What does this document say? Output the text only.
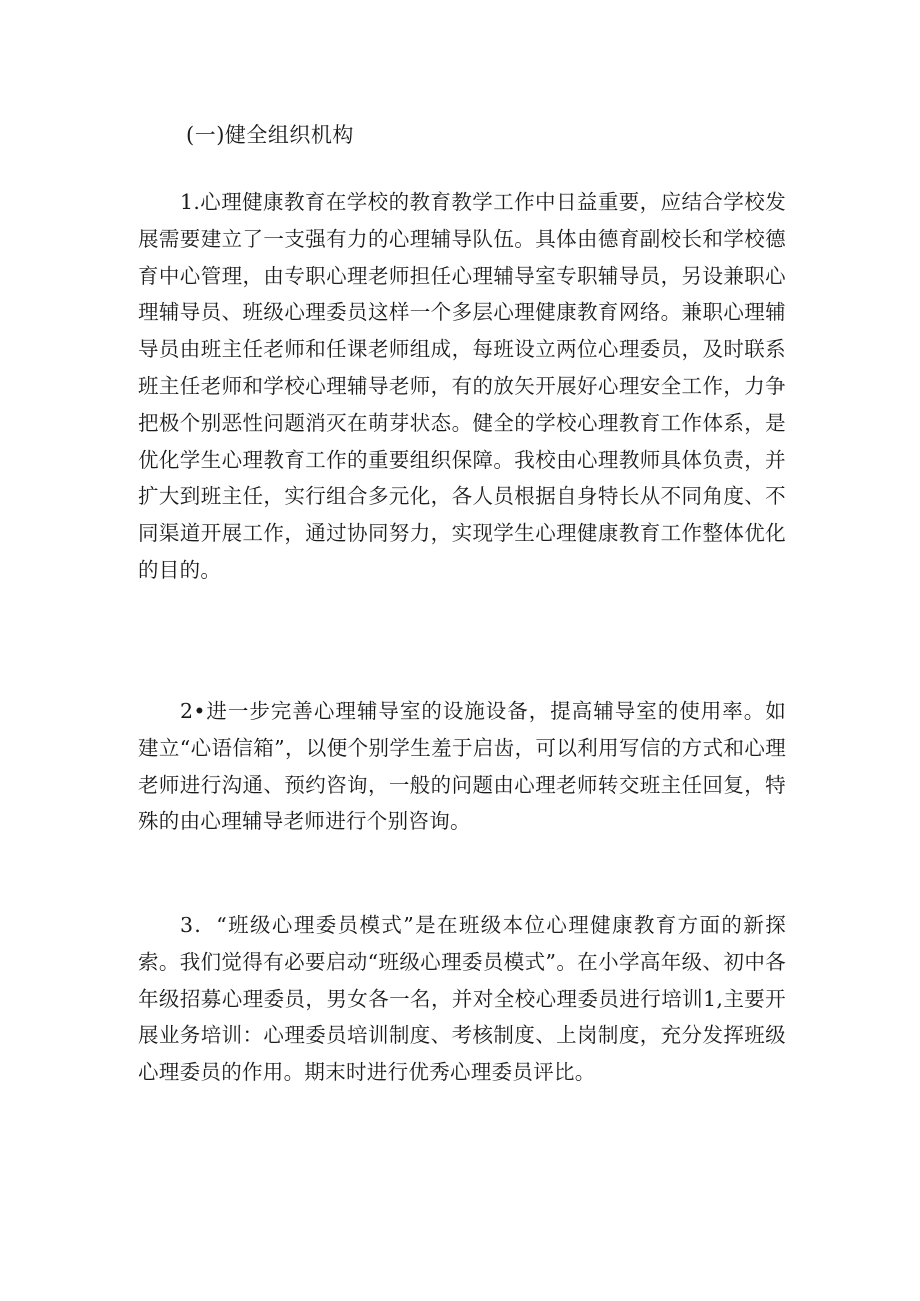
(一)健全组织机构

1.心理健康教育在学校的教育教学工作中日益重要，应结合学校发展需要建立了一支强有力的心理辅导队伍。具体由德育副校长和学校德育中心管理，由专职心理老师担任心理辅导室专职辅导员，另设兼职心理辅导员、班级心理委员这样一个多层心理健康教育网络。兼职心理辅导员由班主任老师和任课老师组成，每班设立两位心理委员，及时联系班主任老师和学校心理辅导老师，有的放矢开展好心理安全工作，力争把极个别恶性问题消灭在萌芽状态。健全的学校心理教育工作体系，是优化学生心理教育工作的重要组织保障。我校由心理教师具体负责，并扩大到班主任，实行组合多元化，各人员根据自身特长从不同角度、不同渠道开展工作，通过协同努力，实现学生心理健康教育工作整体优化的目的。

2•进一步完善心理辅导室的设施设备，提高辅导室的使用率。如建立“心语信箱”，以便个别学生羞于启齿，可以利用写信的方式和心理老师进行沟通、预约咨询，一般的问题由心理老师转交班主任回复，特殊的由心理辅导老师进行个别咨询。

3．“班级心理委员模式”是在班级本位心理健康教育方面的新探索。我们觉得有必要启动“班级心理委员模式”。在小学高年级、初中各年级招募心理委员，男女各一名，并对全校心理委员进行培训1,主要开展业务培训：心理委员培训制度、考核制度、上岗制度，充分发挥班级心理委员的作用。期末时进行优秀心理委员评比。
